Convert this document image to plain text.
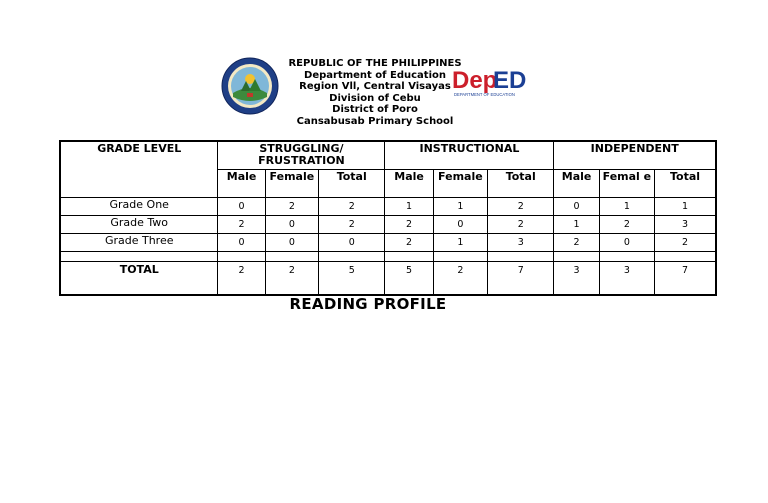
REPUBLIC OF THE PHILIPPINES
Department of Education
Region Vll, Central Visayas
Division of Cebu
District of Poro
Cansabusab Primary School
Dep
ED
DEPARTMENT OF EDUCATION
GRADE LEVEL	STRUGGLING/ FRUSTRATION			INSTRUCTIONAL			INDEPENDENT		
	Male	Female	Total	Male	Female	Total	Male	Femal e	Total
Grade One	0	2	2	1	1	2	0	1	1
Grade Two	2	0	2	2	0	2	1	2	3
Grade Three	0	0	0	2	1	3	2	0	2

TOTAL	2	2	5	5	2	7	3	3	7
READING PROFILE
